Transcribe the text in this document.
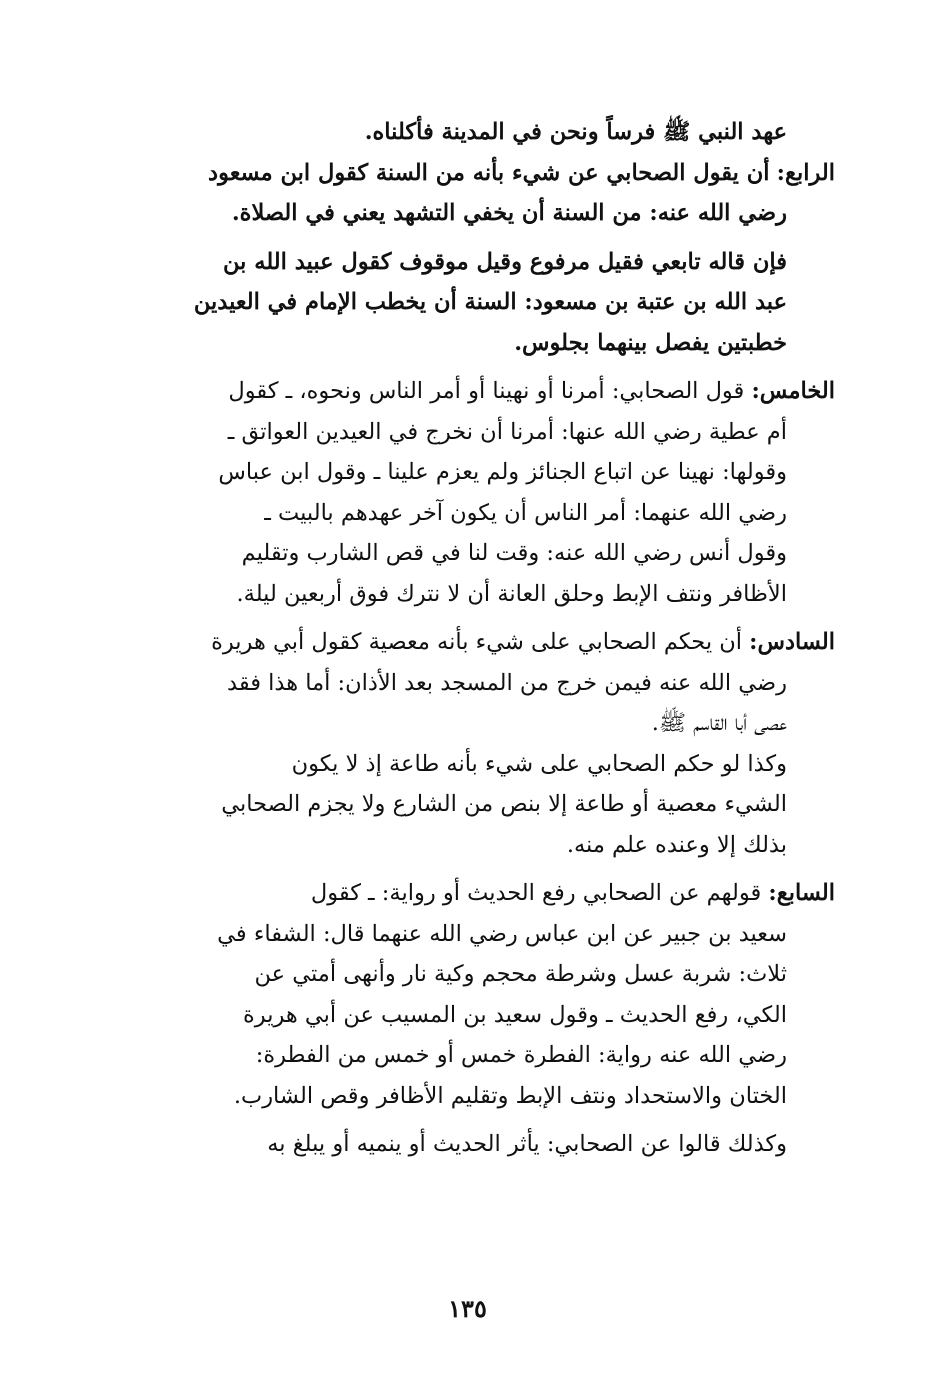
عهد النبي ﷺ فرساً ونحن في المدينة فأكلناه.
الرابع: أن يقول الصحابي عن شيء بأنه من السنة كقول ابن مسعود
رضي الله عنه: من السنة أن يخفي التشهد يعني في الصلاة.
فإن قاله تابعي فقيل مرفوع وقيل موقوف كقول عبيد الله بن
عبد الله بن عتبة بن مسعود: السنة أن يخطب الإمام في العيدين
خطبتين يفصل بينهما بجلوس.
الخامس: قول الصحابي: أمرنا أو نهينا أو أمر الناس ونحوه، ـ كقول
أم عطية رضي الله عنها: أمرنا أن نخرج في العيدين العواتق ـ
وقولها: نهينا عن اتباع الجنائز ولم يعزم علينا ـ وقول ابن عباس
رضي الله عنهما: أمر الناس أن يكون آخر عهدهم بالبيت ـ
وقول أنس رضي الله عنه: وقت لنا في قص الشارب وتقليم
الأظافر ونتف الإبط وحلق العانة أن لا نترك فوق أربعين ليلة.
السادس: أن يحكم الصحابي على شيء بأنه معصية كقول أبي هريرة
رضي الله عنه فيمن خرج من المسجد بعد الأذان: أما هذا فقد
عصى أبا القاسم ﷺ.
وكذا لو حكم الصحابي على شيء بأنه طاعة إذ لا يكون
الشيء معصية أو طاعة إلا بنص من الشارع ولا يجزم الصحابي
بذلك إلا وعنده علم منه.
السابع: قولهم عن الصحابي رفع الحديث أو رواية: ـ كقول
سعيد بن جبير عن ابن عباس رضي الله عنهما قال: الشفاء في
ثلاث: شربة عسل وشرطة محجم وكية نار وأنهى أمتي عن
الكي، رفع الحديث ـ وقول سعيد بن المسيب عن أبي هريرة
رضي الله عنه رواية: الفطرة خمس أو خمس من الفطرة:
الختان والاستحداد ونتف الإبط وتقليم الأظافر وقص الشارب.
وكذلك قالوا عن الصحابي: يأثر الحديث أو ينميه أو يبلغ به
١٣٥
